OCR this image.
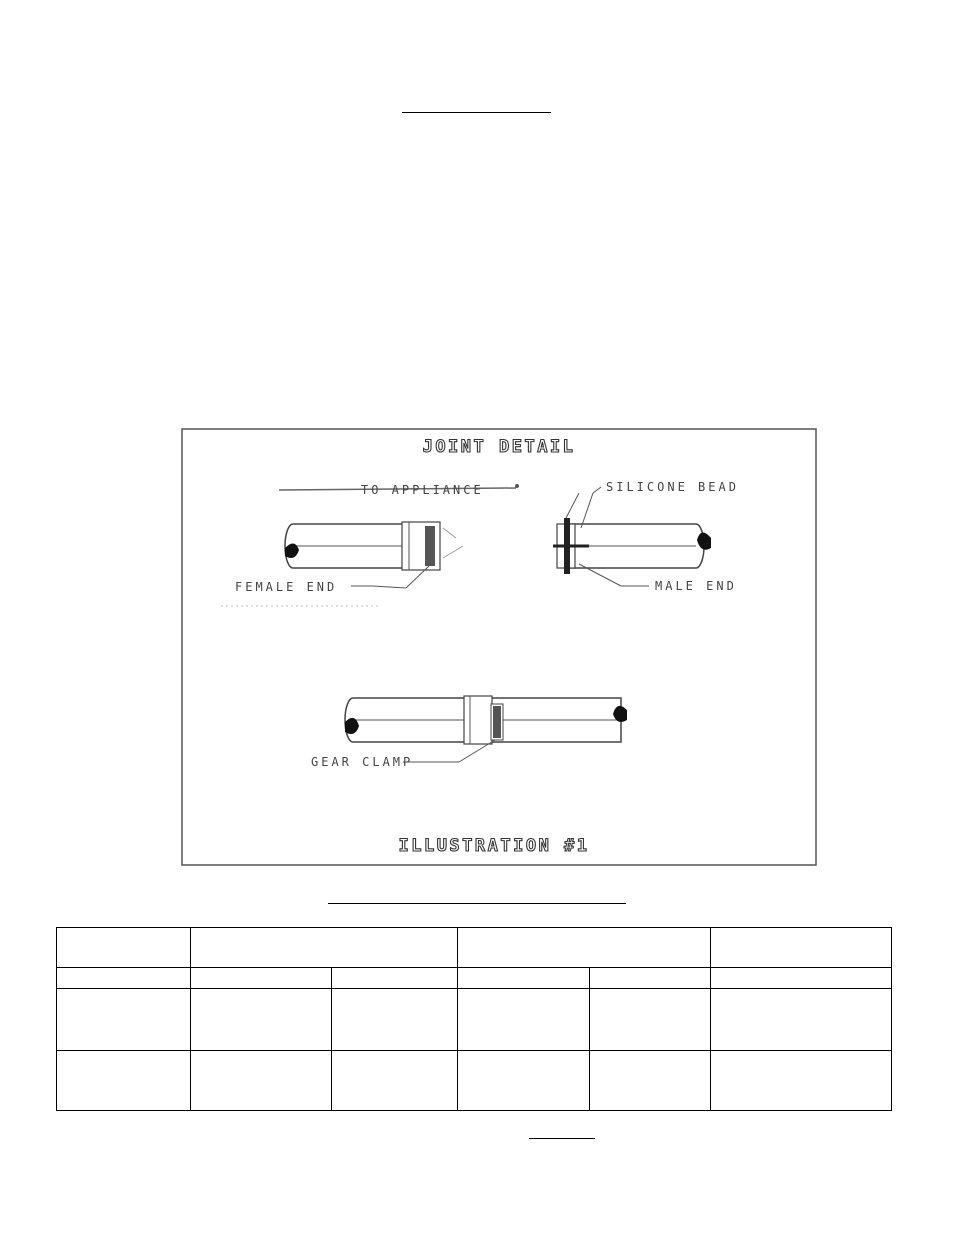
JOINT DETAIL
TO APPLIANCE
FEMALE END
SILICONE BEAD
MALE END
GEAR CLAMP
ILLUSTRATION #1
